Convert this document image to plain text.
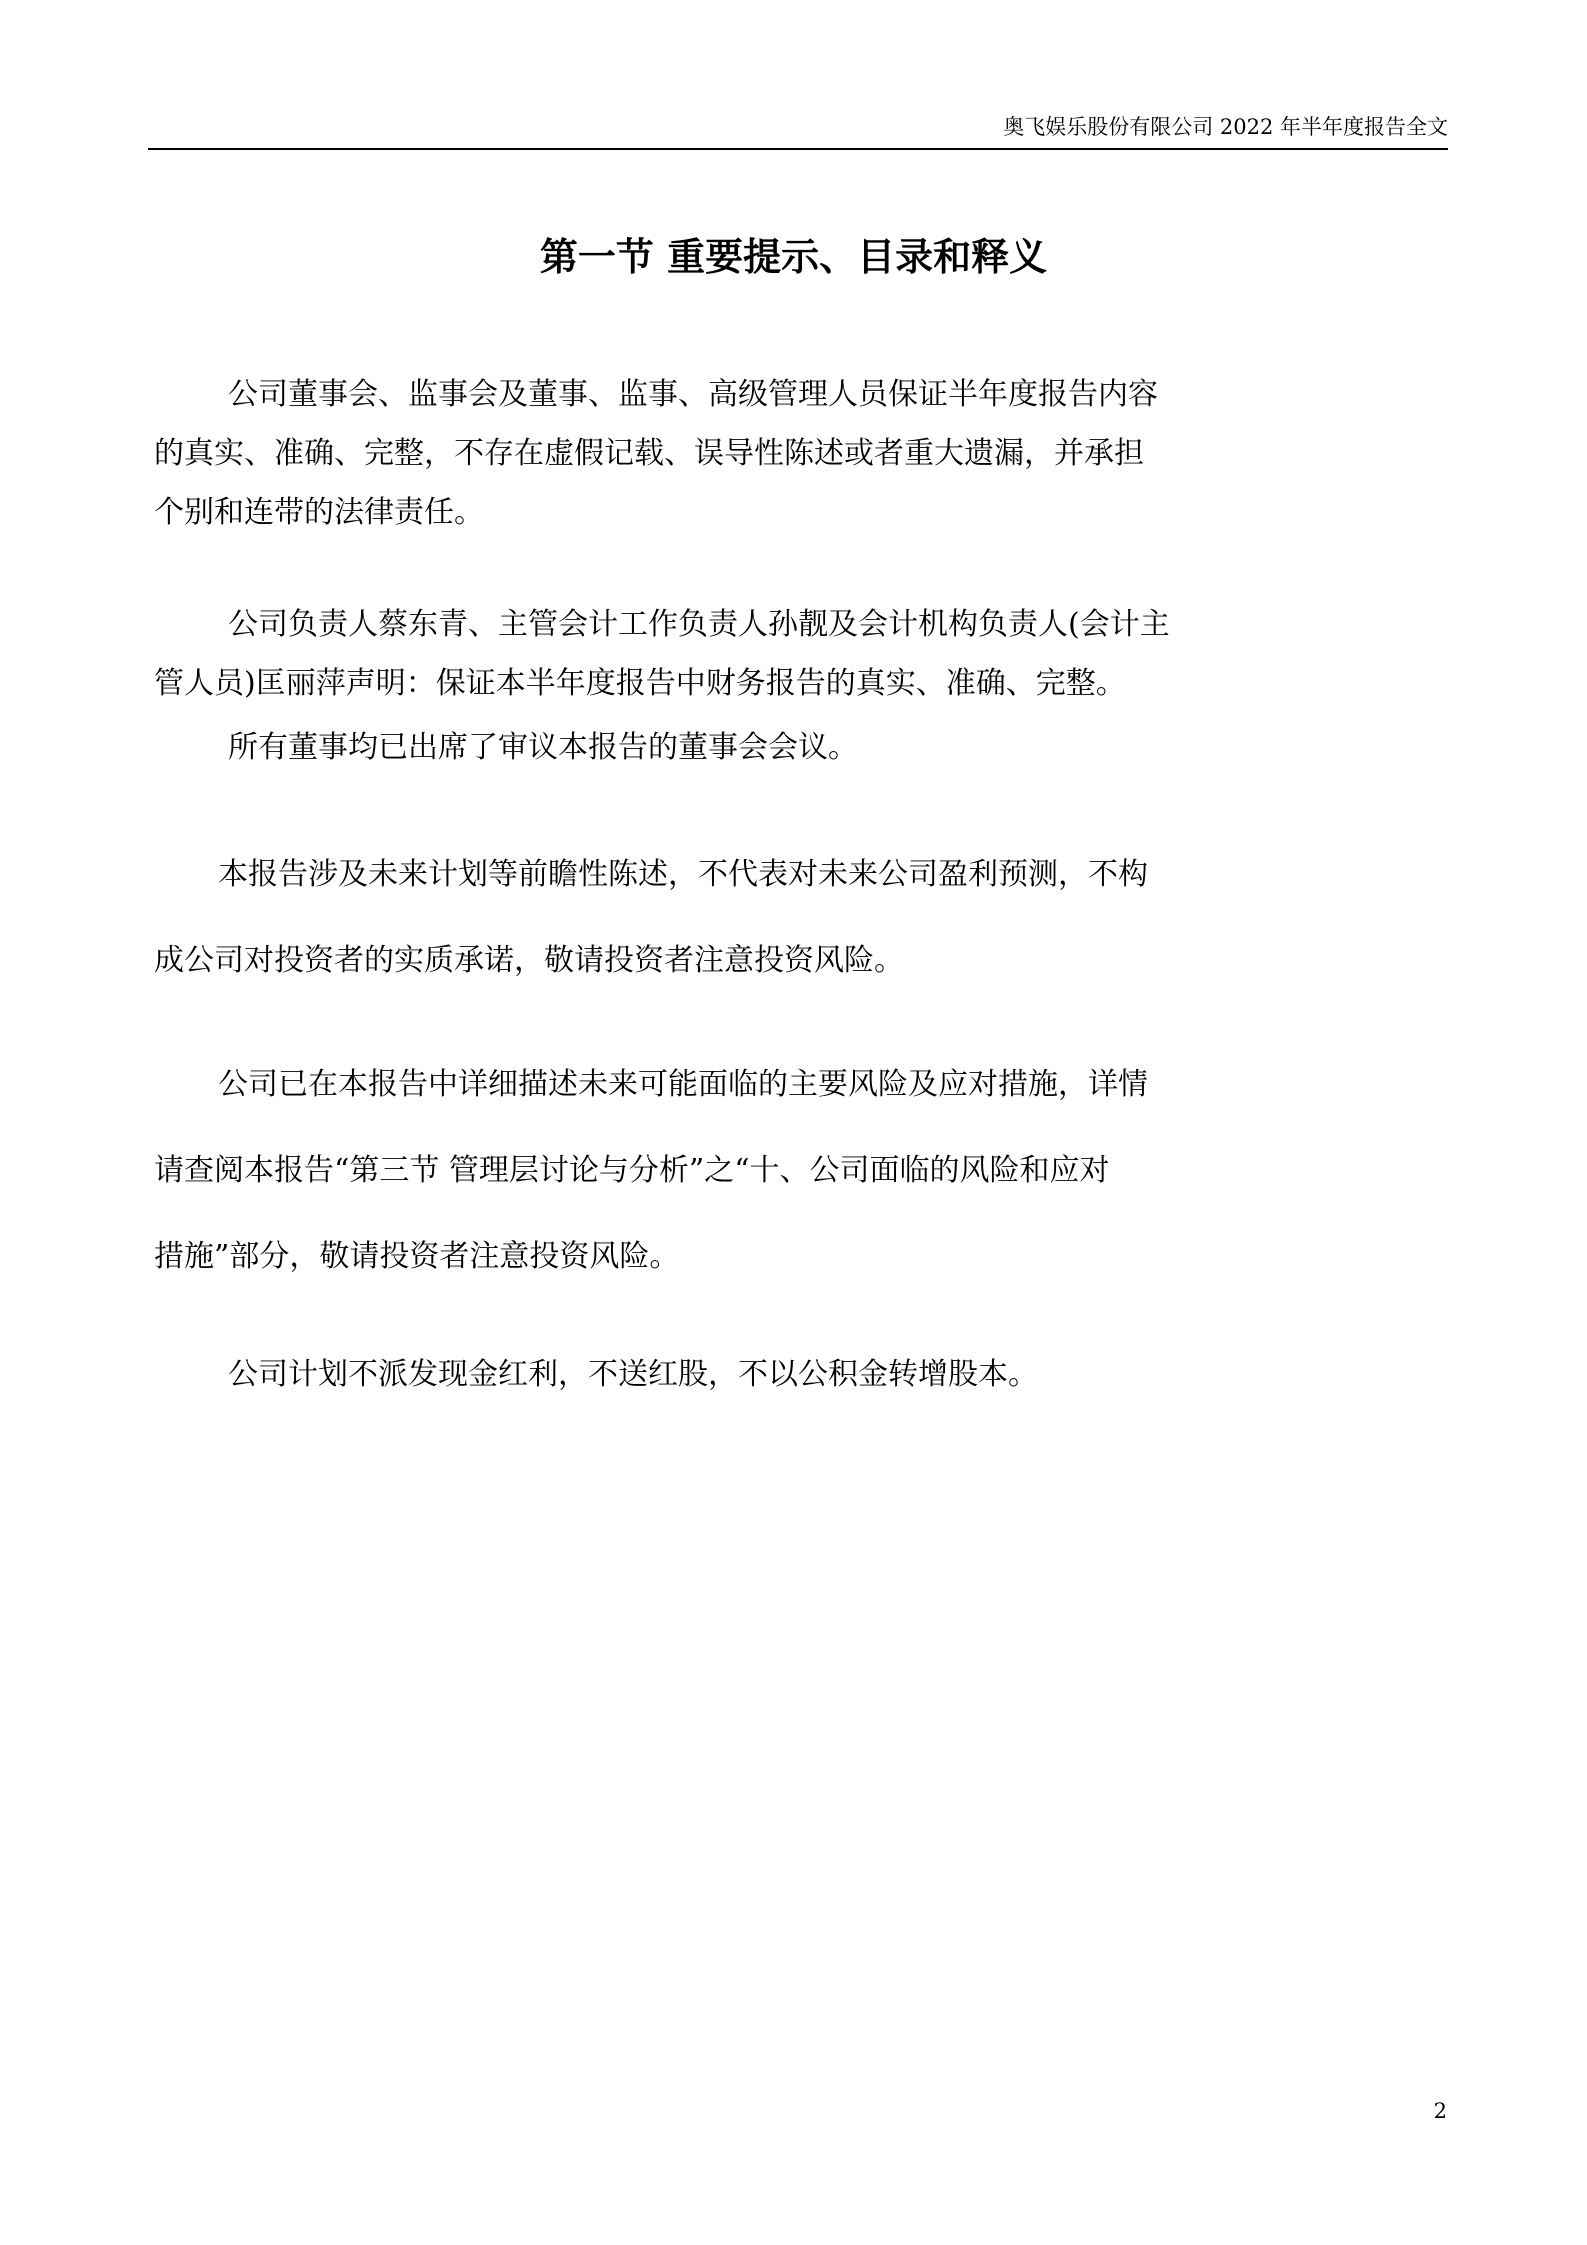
奥飞娱乐股份有限公司 2022 年半年度报告全文
第一节 重要提示、目录和释义
公司董事会、监事会及董事、监事、高级管理人员保证半年度报告内容
的真实、准确、完整，不存在虚假记载、误导性陈述或者重大遗漏，并承担
个别和连带的法律责任。
公司负责人蔡东青、主管会计工作负责人孙靓及会计机构负责人(会计主
管人员)匡丽萍声明：保证本半年度报告中财务报告的真实、准确、完整。
所有董事均已出席了审议本报告的董事会会议。
本报告涉及未来计划等前瞻性陈述，不代表对未来公司盈利预测，不构
成公司对投资者的实质承诺，敬请投资者注意投资风险。
公司已在本报告中详细描述未来可能面临的主要风险及应对措施，详情
请查阅本报告“第三节 管理层讨论与分析”之“十、公司面临的风险和应对
措施”部分，敬请投资者注意投资风险。
公司计划不派发现金红利，不送红股，不以公积金转增股本。
2
